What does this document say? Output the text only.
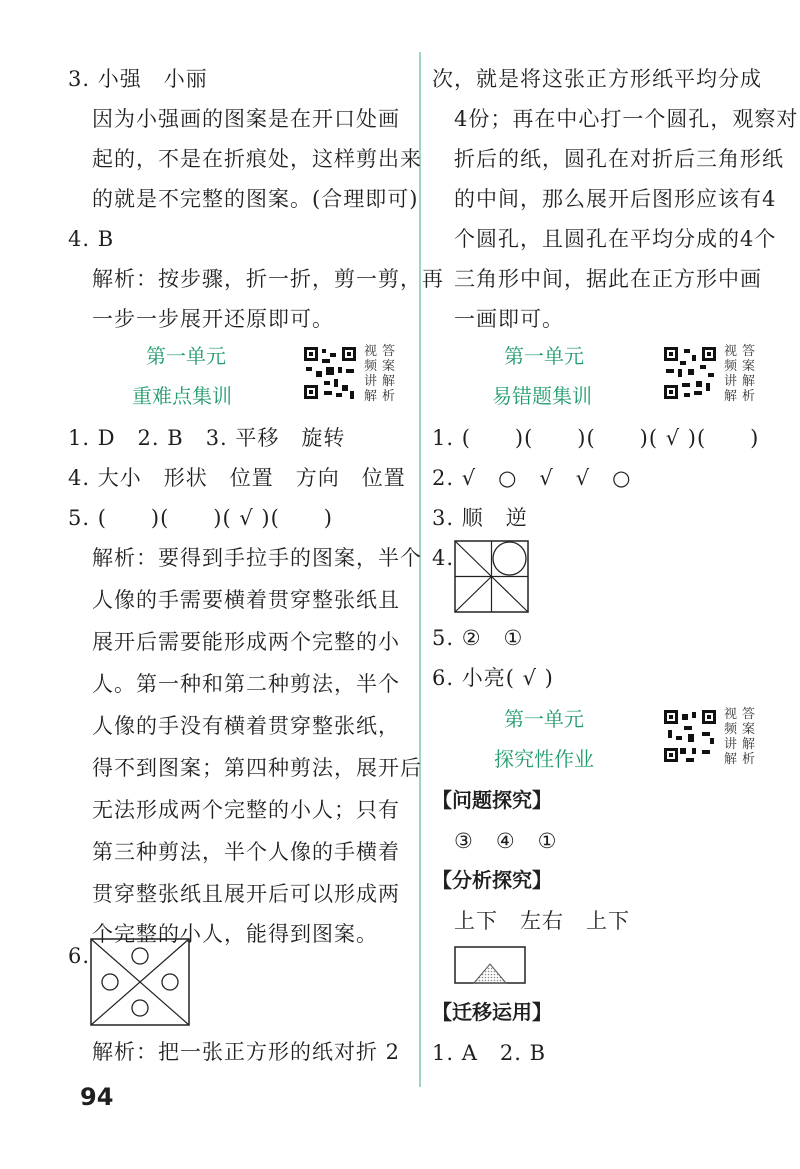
3. 小强　小丽
因为小强画的图案是在开口处画
起的，不是在折痕处，这样剪出来
的就是不完整的图案。(合理即可)
4. B
解析：按步骤，折一折，剪一剪，再
一步一步展开还原即可。
第一单元
重难点集训
视
频
讲
解
答
案
解
析
1. D　2. B　3. 平移　旋转
4. 大小　形状　位置　方向　位置
5. (　　)(　　)( √ )(　　)
解析：要得到手拉手的图案，半个
人像的手需要横着贯穿整张纸且
展开后需要能形成两个完整的小
人。第一种和第二种剪法，半个
人像的手没有横着贯穿整张纸，
得不到图案；第四种剪法，展开后
无法形成两个完整的小人；只有
第三种剪法，半个人像的手横着
贯穿整张纸且展开后可以形成两
个完整的小人，能得到图案。
6.
解析：把一张正方形的纸对折 2
次，就是将这张正方形纸平均分成
4份；再在中心打一个圆孔，观察对
折后的纸，圆孔在对折后三角形纸
的中间，那么展开后图形应该有4
个圆孔，且圆孔在平均分成的4个
三角形中间，据此在正方形中画
一画即可。
第一单元
易错题集训
视
频
讲
解
答
案
解
析
1. (　　)(　　)(　　)( √ )(　　)
2. √　○　√　√　○
3. 顺　逆
4.
5. ②　①
6. 小亮( √ )
第一单元
探究性作业
视
频
讲
解
答
案
解
析
【问题探究】
③　④　①
【分析探究】
上下　左右　上下
【迁移运用】
1. A　2. B
94
